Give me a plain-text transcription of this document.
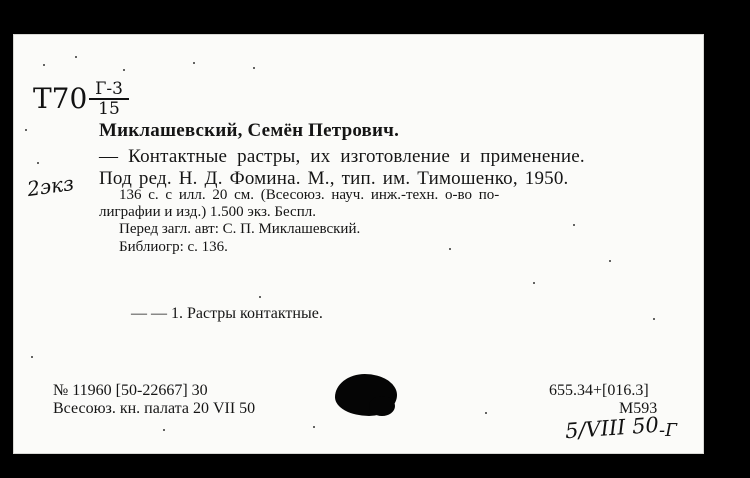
T70 Г-3
15
2экз
Миклашевский, Семён Петрович.
— Контактные растры, их изготовление и применение.
Под ред. Н. Д. Фомина. М., тип. им. Тимошенко, 1950.
136 с. с илл. 20 см. (Всесоюз. науч. инж.-техн. о-во по-
лиграфии и изд.) 1.500 экз. Беспл.
Перед загл. авт: С. П. Миклашевский.
Библиогр: с. 136.
— — 1. Растры контактные.
№ 11960 [50-22667] 30
Всесоюз. кн. палата 20 VII 50
655.34+[016.3]
М593
5/VIII 50 -Г
